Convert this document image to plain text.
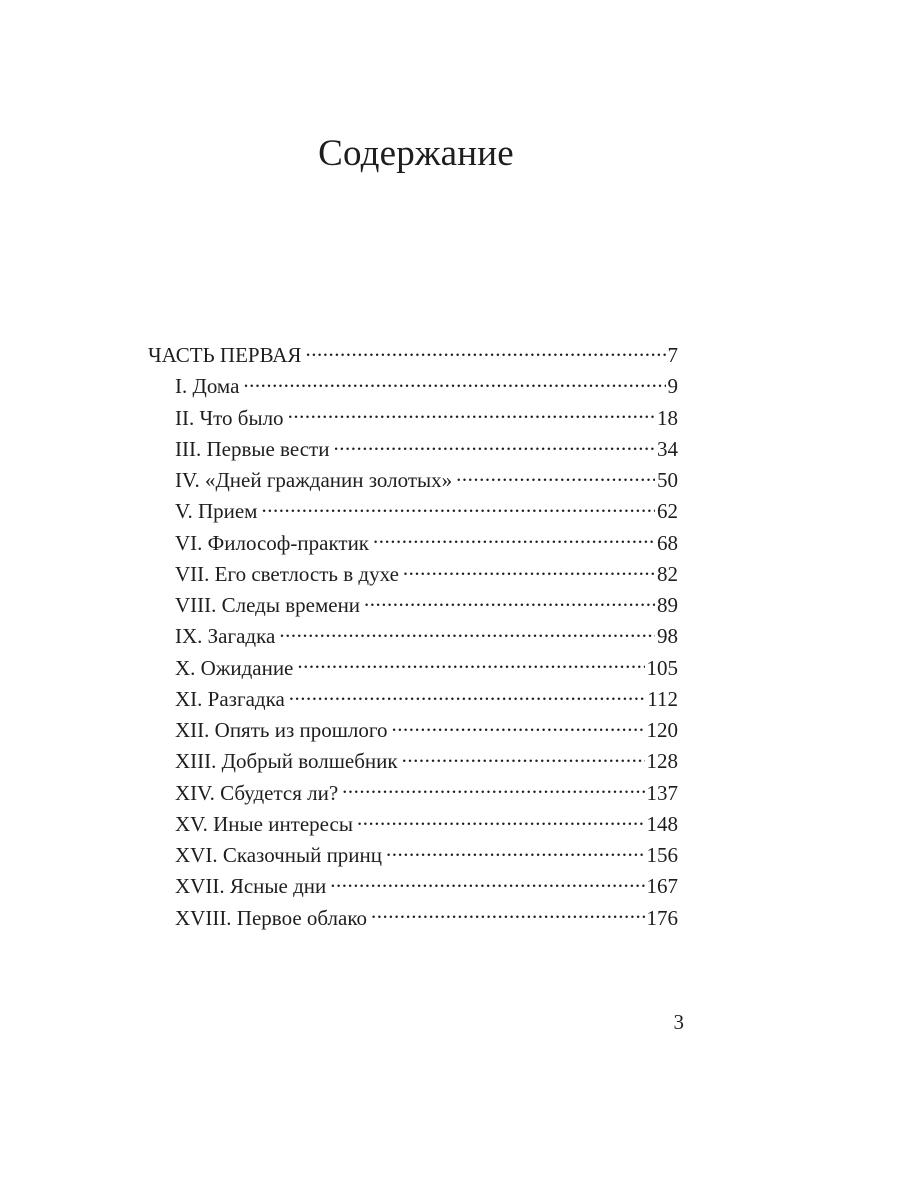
Содержание
ЧАСТЬ ПЕРВАЯ .....	7
I. Дома .....	9
II. Что было .....	18
III. Первые вести .....	34
IV. «Дней гражданин золотых» .....	50
V. Прием .....	62
VI. Философ-практик .....	68
VII. Его светлость в духе .....	82
VIII. Следы времени .....	89
IX. Загадка .....	98
X. Ожидание .....	105
XI. Разгадка .....	112
XII. Опять из прошлого .....	120
XIII. Добрый волшебник .....	128
XIV. Сбудется ли? .....	137
XV. Иные интересы .....	148
XVI. Сказочный принц .....	156
XVII. Ясные дни .....	167
XVIII. Первое облако .....	176
3
